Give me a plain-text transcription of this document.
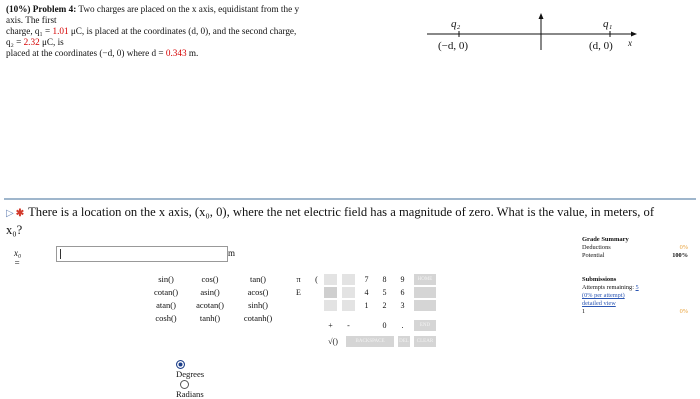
(10%) Problem 4: Two charges are placed on the x axis, equidistant from the y axis. The first
charge, q₁ = 1.01 μC, is placed at the coordinates (d, 0), and the second charge, q₂ = 2.32 μC, is
placed at the coordinates (−d, 0) where d = 0.343 m.
q₂	q₁
(−d, 0)	(d, 0) x
▷ ✱ There is a location on the x axis, (x₀, 0), where the net electric field has a magnitude of zero. What is the value, in meters, of x₀?
x₀ =
m
sin()	cos()	tan()
cotan()	asin()	acos()
atan()	acotan()	sinh()
cosh()	tanh()	cotanh()
π
E
(	7	8	9
4	5	6
1	2	3
+	-	0	.
√()
HOME
END
BACKSPACE	DEL	CLEAR
Degrees Radians
Grade Summary
Deductions	0%
Potential	100%
Submissions
Attempts remaining: 5
(0% per attempt)
detailed view
1	0%
